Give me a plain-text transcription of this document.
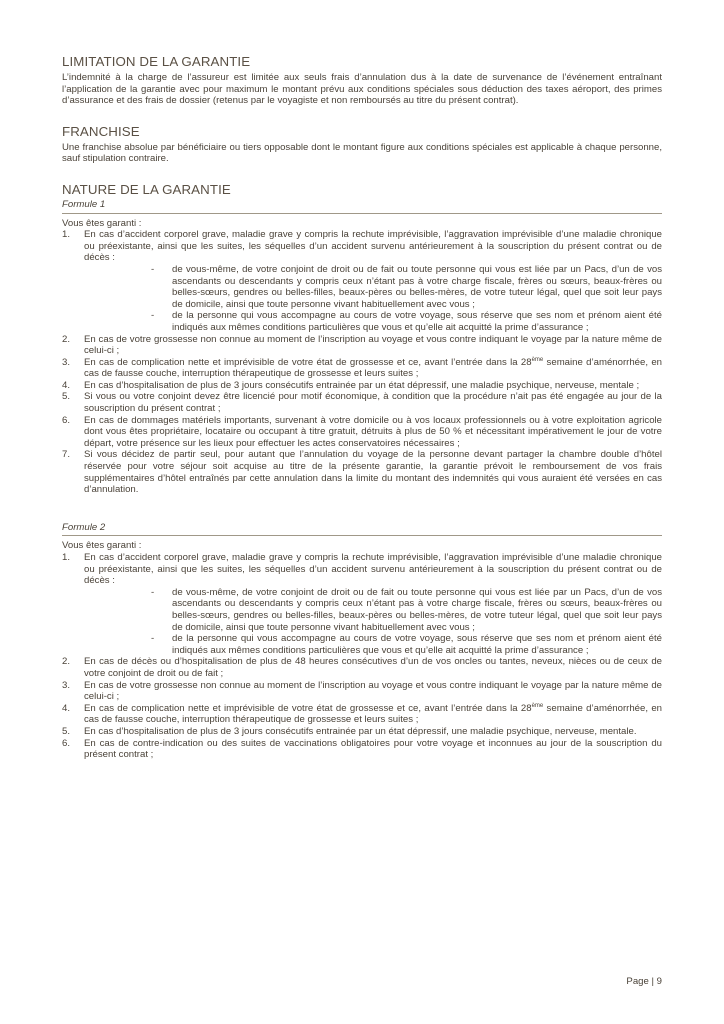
LIMITATION DE LA GARANTIE

L’indemnité à la charge de l’assureur est limitée aux seuls frais d’annulation dus à la date de survenance de l’événement entraînant l’application de la garantie avec pour maximum le montant prévu aux conditions spéciales sous déduction des taxes aéroport, des primes d’assurance et des frais de dossier (retenus par le voyagiste et non remboursés au titre du présent contrat).

FRANCHISE

Une franchise absolue par bénéficiaire ou tiers opposable dont le montant figure aux conditions spéciales est applicable à chaque personne, sauf stipulation contraire.

NATURE DE LA GARANTIE
Formule 1
Vous êtes garanti :
1. En cas d’accident corporel grave, maladie grave y compris la rechute imprévisible, l’aggravation imprévisible d’une maladie chronique ou préexistante, ainsi que les suites, les séquelles d’un accident survenu antérieurement à la souscription du présent contrat ou de décès :
- de vous-même, de votre conjoint de droit ou de fait ou toute personne qui vous est liée par un Pacs, d’un de vos ascendants ou descendants y compris ceux n’étant pas à votre charge fiscale, frères ou sœurs, beaux-frères ou belles-sœurs, gendres ou belles-filles, beaux-pères ou belles-mères, de votre tuteur légal, quel que soit leur pays de domicile, ainsi que toute personne vivant habituellement avec vous ;
- de la personne qui vous accompagne au cours de votre voyage, sous réserve que ses nom et prénom aient été indiqués aux mêmes conditions particulières que vous et qu’elle ait acquitté la prime d’assurance ;
2. En cas de votre grossesse non connue au moment de l’inscription au voyage et vous contre indiquant le voyage par la nature même de celui-ci ;
3. En cas de complication nette et imprévisible de votre état de grossesse et ce, avant l’entrée dans la 28ème semaine d’aménorrhée, en cas de fausse couche, interruption thérapeutique de grossesse et leurs suites ;
4. En cas d’hospitalisation de plus de 3 jours consécutifs entrainée par un état dépressif, une maladie psychique, nerveuse, mentale ;
5. Si vous ou votre conjoint devez être licencié pour motif économique, à condition que la procédure n’ait pas été engagée au jour de la souscription du présent contrat ;
6. En cas de dommages matériels importants, survenant à votre domicile ou à vos locaux professionnels ou à votre exploitation agricole dont vous êtes propriétaire, locataire ou occupant à titre gratuit, détruits à plus de 50 % et nécessitant impérativement le jour de votre départ, votre présence sur les lieux pour effectuer les actes conservatoires nécessaires ;
7. Si vous décidez de partir seul, pour autant que l’annulation du voyage de la personne devant partager la chambre double d’hôtel réservée pour votre séjour soit acquise au titre de la présente garantie, la garantie prévoit le remboursement de vos frais supplémentaires d’hôtel entraînés par cette annulation dans la limite du montant des indemnités qui vous auraient été versées en cas d’annulation.
Formule 2
Vous êtes garanti :
1. En cas d’accident corporel grave, maladie grave y compris la rechute imprévisible, l’aggravation imprévisible d’une maladie chronique ou préexistante, ainsi que les suites, les séquelles d’un accident survenu antérieurement à la souscription du présent contrat ou de décès :
- de vous-même, de votre conjoint de droit ou de fait ou toute personne qui vous est liée par un Pacs, d’un de vos ascendants ou descendants y compris ceux n’étant pas à votre charge fiscale, frères ou sœurs, beaux-frères ou belles-sœurs, gendres ou belles-filles, beaux-pères ou belles-mères, de votre tuteur légal, quel que soit leur pays de domicile, ainsi que toute personne vivant habituellement avec vous ;
- de la personne qui vous accompagne au cours de votre voyage, sous réserve que ses nom et prénom aient été indiqués aux mêmes conditions particulières que vous et qu’elle ait acquitté la prime d’assurance ;
2. En cas de décès ou d’hospitalisation de plus de 48 heures consécutives d’un de vos oncles ou tantes, neveux, nièces ou de ceux de votre conjoint de droit ou de fait ;
3. En cas de votre grossesse non connue au moment de l’inscription au voyage et vous contre indiquant le voyage par la nature même de celui-ci ;
4. En cas de complication nette et imprévisible de votre état de grossesse et ce, avant l’entrée dans la 28ème semaine d’aménorrhée, en cas de fausse couche, interruption thérapeutique de grossesse et leurs suites ;
5. En cas d’hospitalisation de plus de 3 jours consécutifs entrainée par un état dépressif, une maladie psychique, nerveuse, mentale.
6. En cas de contre-indication ou des suites de vaccinations obligatoires pour votre voyage et inconnues au jour de la souscription du présent contrat ;
Page | 9
